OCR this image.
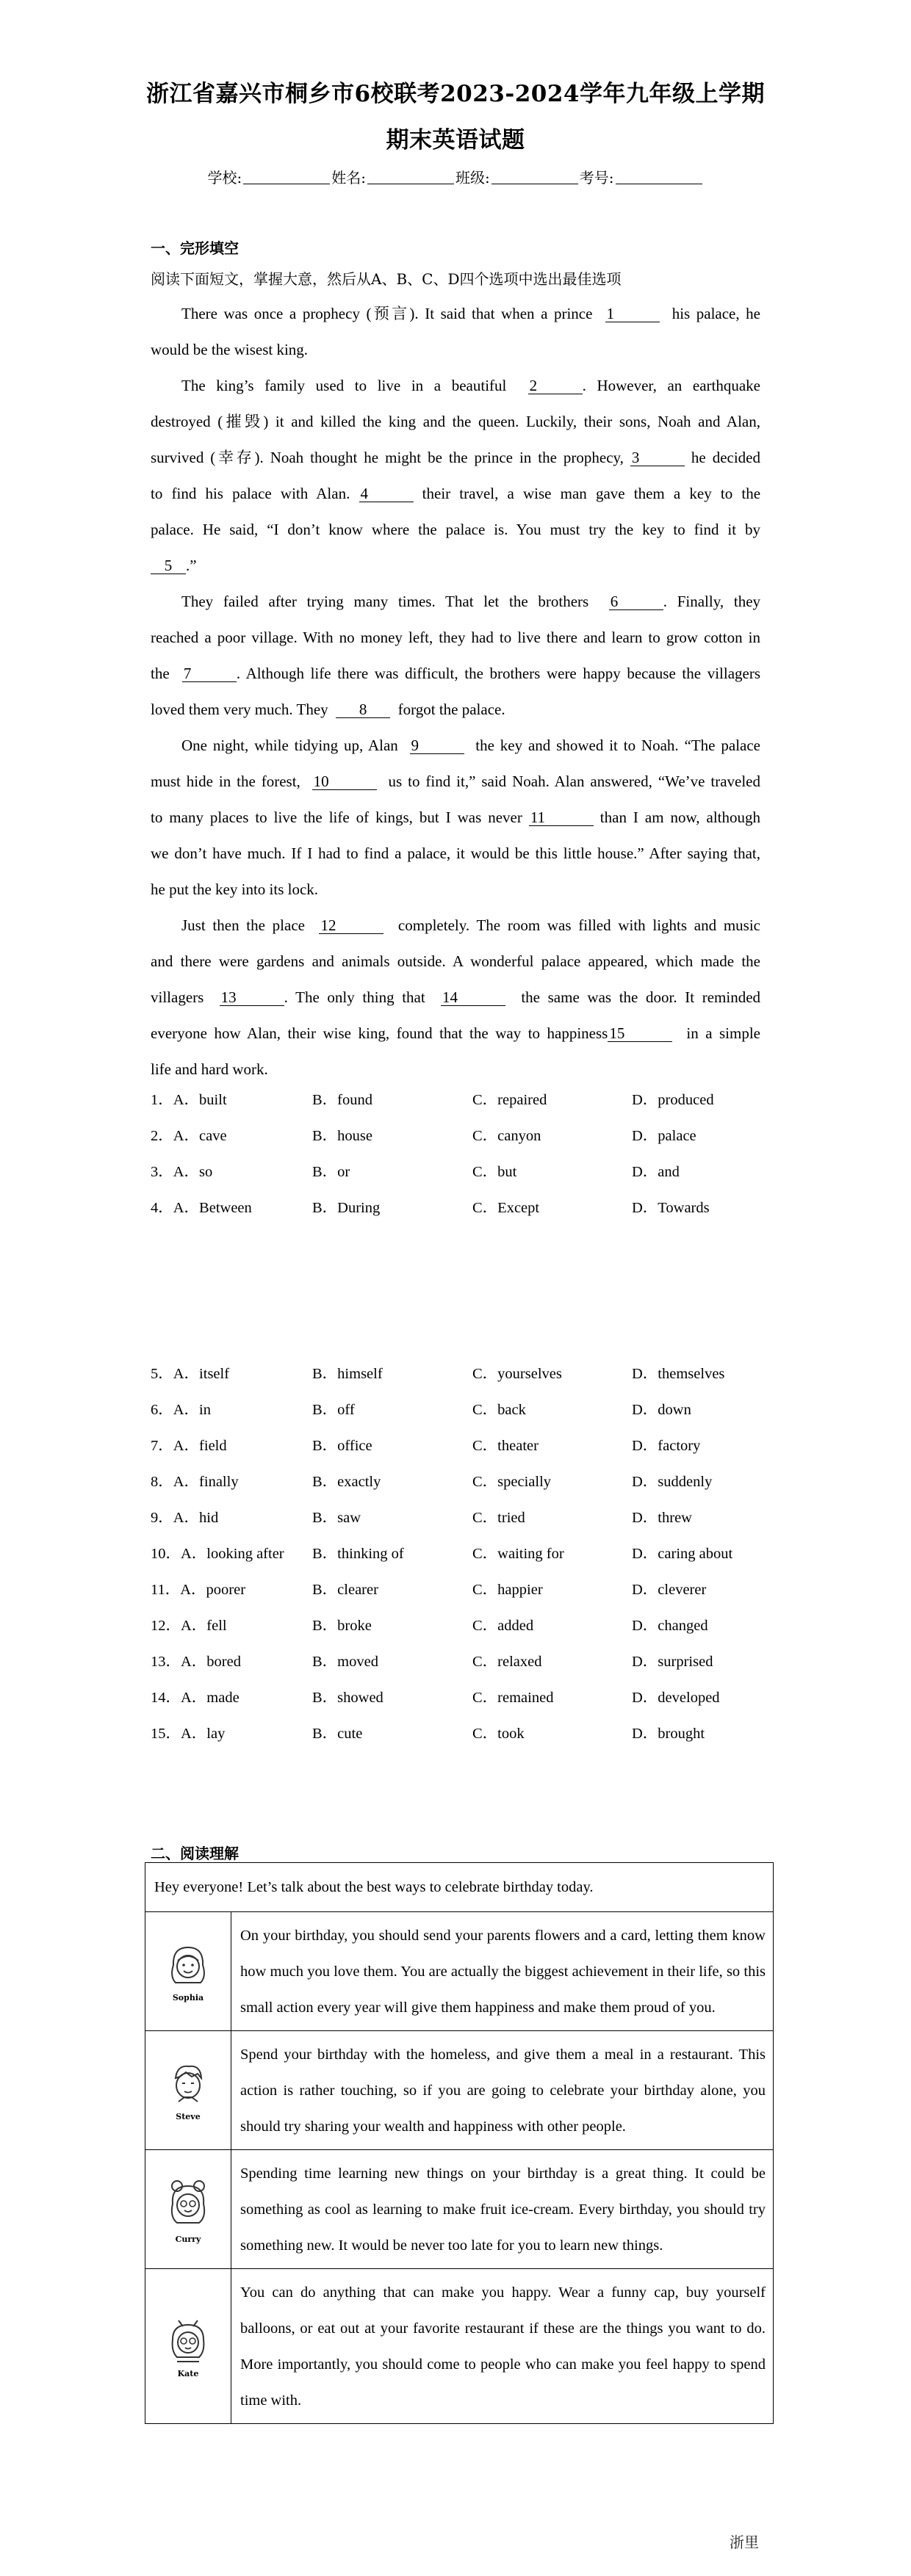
浙江省嘉兴市桐乡市6校联考2023-2024学年九年级上学期
期末英语试题
学校:	姓名:	班级:	考号:
一、完形填空
阅读下面短文，掌握大意，然后从A、B、C、D四个选项中选出最佳选项
There was once a prophecy (预言). It said that when a prince 1	his palace, he
would be the wisest king.
The king’s family used to live in a beautiful 2	. However, an earthquake
destroyed (摧毁) it and killed the king and the queen. Luckily, their sons, Noah and Alan,
survived (幸存). Noah thought he might be the prince in the prophecy, 3	he decided
to find his palace with Alan. 4	their travel, a wise man gave them a key to the
palace. He said, “I don’t know where the palace is. You must try the key to find it by
5 .”
They failed after trying many times. That let the brothers 6	. Finally, they
reached a poor village. With no money left, they had to live there and learn to grow cotton in
the 7	. Although life there was difficult, the brothers were happy because the villagers
loved them very much. They 8 forgot the palace.
One night, while tidying up, Alan 9	the key and showed it to Noah. “The palace
must hide in the forest, 10	us to find it,” said Noah. Alan answered, “We’ve traveled
to many places to live the life of kings, but I was never 11	than I am now, although
we don’t have much. If I had to find a palace, it would be this little house.” After saying that,
he put the key into its lock.
Just then the place 12	completely. The room was filled with lights and music
and there were gardens and animals outside. A wonderful palace appeared, which made the
villagers 13	. The only thing that 14	the same was the door. It reminded
everyone how Alan, their wise king, found that the way to happiness15	in a simple
life and hard work.
1．A．built	B．found	C．repaired	D．produced
2．A．cave	B．house	C．canyon	D．palace
3．A．so	B．or	C．but	D．and
4．A．Between	B．During	C．Except	D．Towards
5．A．itself	B．himself	C．yourselves	D．themselves
6．A．in	B．off	C．back	D．down
7．A．field	B．office	C．theater	D．factory
8．A．finally	B．exactly	C．specially	D．suddenly
9．A．hid	B．saw	C．tried	D．threw
10．A．looking after B．thinking of	C．waiting for	D．caring about
11．A．poorer	B．clearer	C．happier	D．cleverer
12．A．fell	B．broke	C．added	D．changed
13．A．bored	B．moved	C．relaxed	D．surprised
14．A．made	B．showed	C．remained	D．developed
15．A．lay	B．cute	C．took	D．brought
二、阅读理解
Hey everyone! Let’s talk about the best ways to celebrate birthday today.	

Sophia	On your birthday, you should send your parents flowers and a card, letting them know how much you love them. You are actually the biggest achievement in their life, so this small action every year will give them happiness and make them proud of you.

Steve	Spend your birthday with the homeless, and give them a meal in a restaurant. This action is rather touching, so if you are going to celebrate your birthday alone, you should try sharing your wealth and happiness with other people.

Curry	Spending time learning new things on your birthday is a great thing. It could be something as cool as learning to make fruit ice-cream. Every birthday, you should try something new. It would be never too late for you to learn new things.

Kate	You can do anything that can make you happy. Wear a funny cap, buy yourself balloons, or eat out at your favorite restaurant if these are the things you want to do. More importantly, you should come to people who can make you feel happy to spend time with.
浙里
